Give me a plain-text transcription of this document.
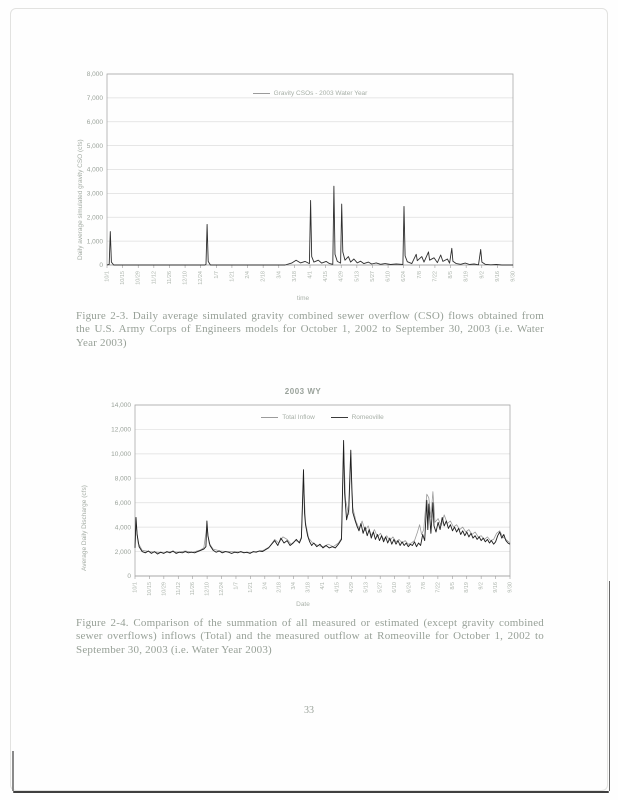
0
1,000
2,000
3,000
4,000
5,000
6,000
7,000
8,000
10/1 10/15 10/29 11/12 11/26 12/10 12/24 1/7 1/21 2/4 2/18 3/4 3/18 4/1 4/15 4/29 5/13 5/27 6/10 6/24 7/8 7/22 8/5 8/19 9/2 9/16 9/30
Gravity CSOs - 2003 Water Year
Daily average simulated gravity CSO (cfs)
time
Figure 2-3. Daily average simulated gravity combined sewer overflow (CSO) flows obtained from the U.S. Army Corps of Engineers models for October 1, 2002 to September 30, 2003 (i.e. Water Year 2003)
0
2,000
4,000
6,000
8,000
10,000
12,000
14,000
10/1 10/15 10/29 11/12 11/26 12/10 12/24 1/7 1/21 2/4 2/18 3/4 3/18 4/1 4/15 4/29 5/13 5/27 6/10 6/24 7/8 7/22 8/5 8/19 9/2 9/16 9/30
2003 WY
Total Inflow	Romeoville
Average Daily Discharge (cfs)
Date
Figure 2-4. Comparison of the summation of all measured or estimated (except gravity combined sewer overflows) inflows (Total) and the measured outflow at Romeoville for October 1, 2002 to September 30, 2003 (i.e. Water Year 2003)
33
